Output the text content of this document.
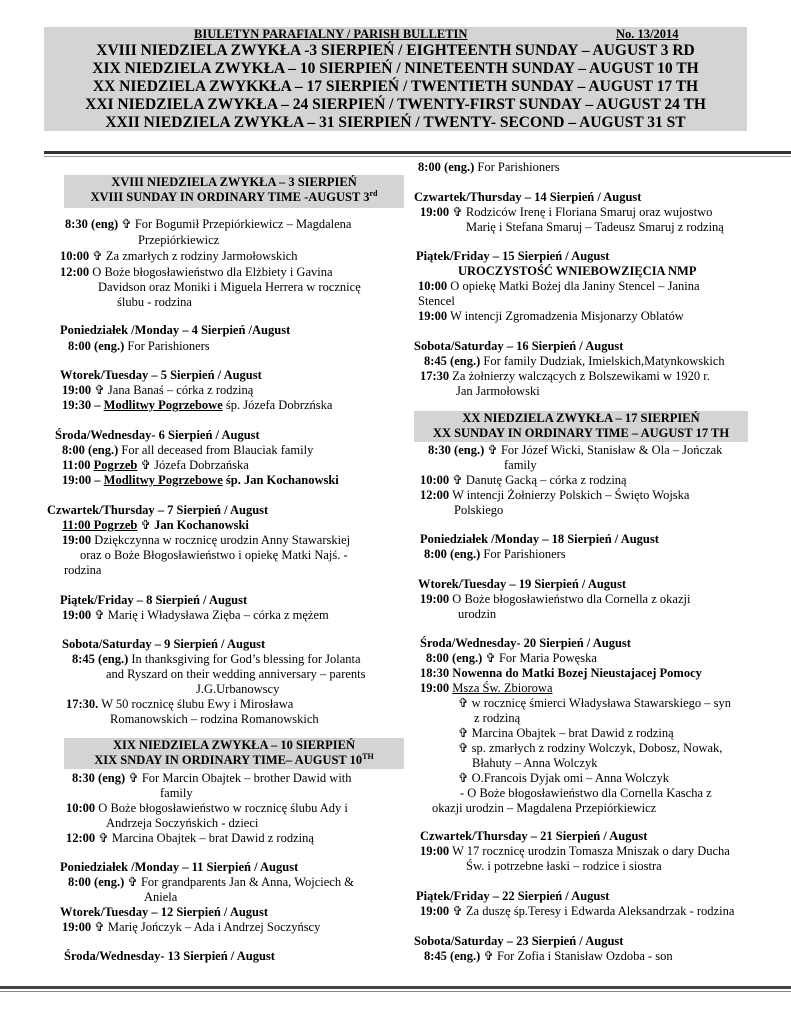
BIULETYN PARAFIALNY / PARISH BULLETIN	No. 13/2014
XVIII NIEDZIELA ZWYKŁA -3 SIERPIEŃ / EIGHTEENTH SUNDAY – AUGUST 3 RD
XIX NIEDZIELA ZWYKŁA – 10 SIERPIEŃ / NINETEENTH SUNDAY – AUGUST 10 TH
XX NIEDZIELA ZWYKKŁA – 17 SIERPIEŃ / TWENTIETH SUNDAY – AUGUST 17 TH
XXI NIEDZIELA ZWYKŁA – 24 SIERPIEŃ / TWENTY-FIRST SUNDAY – AUGUST 24 TH
XXII NIEDZIELA ZWYKŁA – 31 SIERPIEŃ / TWENTY- SECOND – AUGUST 31 ST
XVIII NIEDZIELA ZWYKŁA – 3 SIERPIEŃ
XVIII SUNDAY IN ORDINARY TIME -AUGUST 3rd
8:30 (eng) ✞ For Bogumił Przepiórkiewicz – Magdalena
Przepiórkiewicz
10:00 ✞ Za zmarłych z rodziny Jarmołowskich
12:00 O Boże błogosławieństwo dla Elżbiety i Gavina
Davidson oraz Moniki i Miguela Herrera w rocznicę
ślubu - rodzina
Poniedziałek /Monday – 4 Sierpień /August
8:00 (eng.) For Parishioners
Wtorek/Tuesday – 5 Sierpień / August
19:00 ✞ Jana Banaś – córka z rodziną
19:30 – Modlitwy Pogrzebowe śp. Józefa Dobrzńska
Środa/Wednesday- 6 Sierpień / August
8:00 (eng.) For all deceased from Blauciak family
11:00 Pogrzeb ✞ Józefa Dobrzańska
19:00 – Modlitwy Pogrzebowe śp. Jan Kochanowski
Czwartek/Thursday – 7 Sierpień / August
11:00 Pogrzeb ✞ Jan Kochanowski
19:00 Dziękczynna w rocznicę urodzin Anny Stawarskiej
oraz o Boże Błogosławieństwo i opiekę Matki Najś. -
rodzina
Piątek/Friday – 8 Sierpień / August
19:00 ✞ Marię i Władysława Zięba – córka z mężem
Sobota/Saturday – 9 Sierpień / August
8:45 (eng.) In thanksgiving for God’s blessing for Jolanta
and Ryszard on their wedding anniversary – parents
J.G.Urbanowscy
17:30. W 50 rocznicę ślubu Ewy i Mirosława
Romanowskich – rodzina Romanowskich
XIX NIEDZIELA ZWYKŁA – 10 SIERPIEŃ
XIX SNDAY IN ORDINARY TIME– AUGUST 10TH
8:30 (eng) ✞ For Marcin Obajtek – brother Dawid with
family
10:00 O Boże błogosławieństwo w rocznicę ślubu Ady i
Andrzeja Soczyńskich - dzieci
12:00 ✞ Marcina Obajtek – brat Dawid z rodziną
Poniedziałek /Monday – 11 Sierpień / August
8:00 (eng.) ✞ For grandparents Jan & Anna, Wojciech &
Aniela
Wtorek/Tuesday – 12 Sierpień / August
19:00 ✞ Marię Jończyk – Ada i Andrzej Soczyńscy
Środa/Wednesday- 13 Sierpień / August
8:00 (eng.) For Parishioners
Czwartek/Thursday – 14 Sierpień / August
19:00 ✞ Rodziców Irenę i Floriana Smaruj oraz wujostwo
Marię i Stefana Smaruj – Tadeusz Smaruj z rodziną
Piątek/Friday – 15 Sierpień / August
UROCZYSTOŚĆ WNIEBOWZIĘCIA NMP
10:00 O opiekę Matki Bożej dla Janiny Stencel – Janina
Stencel
19:00 W intencji Zgromadzenia Misjonarzy Oblatów
Sobota/Saturday – 16 Sierpień / August
8:45 (eng.) For family Dudziak, Imielskich,Matynkowskich
17:30 Za żołnierzy walczących z Bolszewikami w 1920 r.
Jan Jarmołowski
XX NIEDZIELA ZWYKŁA – 17 SIERPIEŃ
XX SUNDAY IN ORDINARY TIME – AUGUST 17 TH
8:30 (eng.) ✞ For Józef Wicki, Stanisław & Ola – Jończak
family
10:00 ✞ Danutę Gacką – córka z rodziną
12:00 W intencji Żołnierzy Polskich – Święto Wojska
Polskiego
Poniedziałek /Monday – 18 Sierpień / August
8:00 (eng.) For Parishioners
Wtorek/Tuesday – 19 Sierpień / August
19:00 O Boże błogosławieństwo dla Cornella z okazji
urodzin
Środa/Wednesday- 20 Sierpień / August
8:00 (eng.) ✞ For Maria Powęska
18:30 Nowenna do Matki Bozej Nieustajacej Pomocy
19:00 Msza Św. Zbiorowa
✞ w rocznicę śmierci Władysława Stawarskiego – syn
z rodziną
✞ Marcina Obajtek – brat Dawid z rodziną
✞ sp. zmarłych z rodziny Wolczyk, Dobosz, Nowak,
Błahuty – Anna Wolczyk
✞ O.Francois Dyjak omi – Anna Wolczyk
- O Boże błogosławieństwo dla Cornella Kascha z
okazji urodzin – Magdalena Przepiórkiewicz
Czwartek/Thursday – 21 Sierpień / August
19:00 W 17 rocznicę urodzin Tomasza Mniszak o dary Ducha
Św. i potrzebne łaski – rodzice i siostra
Piątek/Friday – 22 Sierpień / August
19:00 ✞ Za duszę śp.Teresy i Edwarda Aleksandrzak - rodzina
Sobota/Saturday – 23 Sierpień / August
8:45 (eng.) ✞ For Zofia i Stanisław Ozdoba - son
